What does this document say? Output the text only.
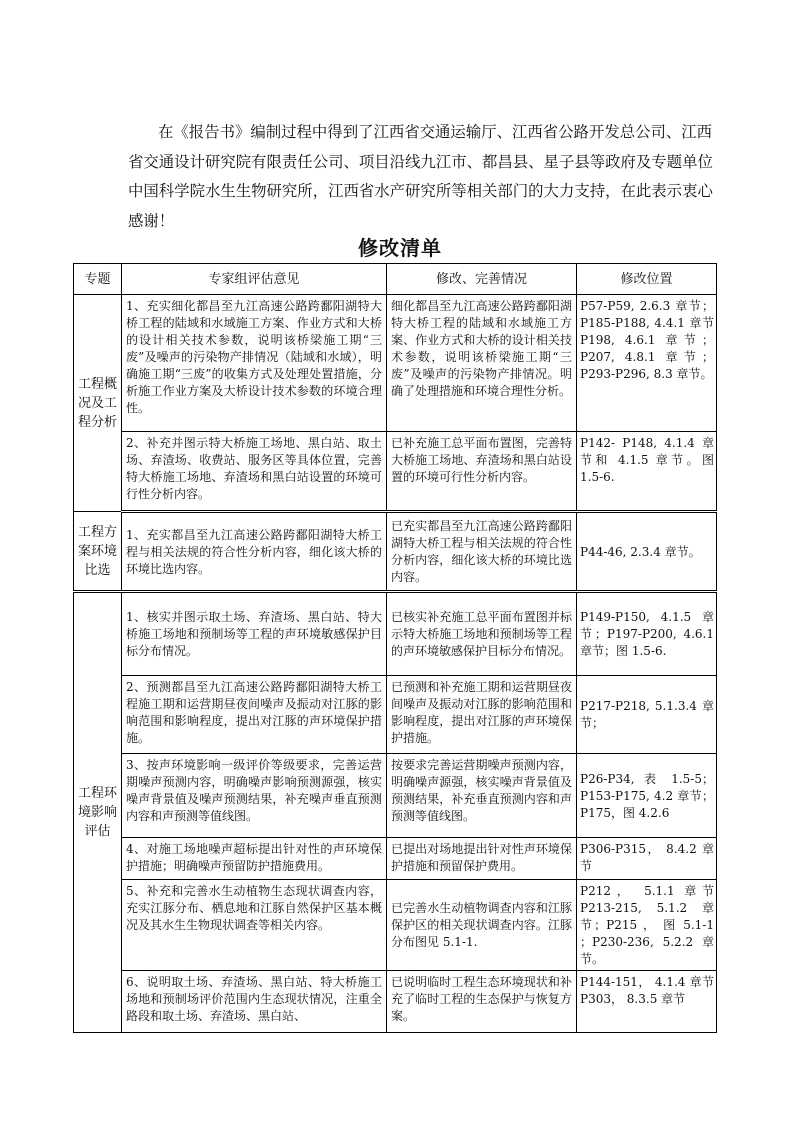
在《报告书》编制过程中得到了江西省交通运输厅、江西省公路开发总公司、江西省交通设计研究院有限责任公司、项目沿线九江市、都昌县、星子县等政府及专题单位中国科学院水生生物研究所，江西省水产研究所等相关部门的大力支持，在此表示衷心感谢！

修改清单
专题	专家组评估意见	修改、完善情况	修改位置
工程概况及工程分析	1、充实细化都昌至九江高速公路跨鄱阳湖特大桥工程的陆域和水域施工方案、作业方式和大桥的设计相关技术参数，说明该桥梁施工期“三废”及噪声的污染物产排情况（陆域和水域），明确施工期“三废”的收集方式及处理处置措施，分析施工作业方案及大桥设计技术参数的环境合理性。	细化都昌至九江高速公路跨鄱阳湖特大桥工程的陆域和水域施工方案、作业方式和大桥的设计相关技术参数，说明该桥梁施工期“三废”及噪声的污染物产排情况。明确了处理措施和环境合理性分析。	P57-P59, 2.6.3 章节；P185-P188, 4.4.1 章节 P198, 4.6.1 章节；P207, 4.8.1 章节；P293-P296, 8.3 章节。
	2、补充并图示特大桥施工场地、黑白站、取土场、弃渣场、收费站、服务区等具体位置，完善特大桥施工场地、弃渣场和黑白站设置的环境可行性分析内容。	已补充施工总平面布置图，完善特大桥施工场地、弃渣场和黑白站设置的环境可行性分析内容。	P142- P148, 4.1.4 章节和 4.1.5 章节。图 1.5-6.
工程方案环境比选	1、充实都昌至九江高速公路跨鄱阳湖特大桥工程与相关法规的符合性分析内容，细化该大桥的环境比选内容。	已充实都昌至九江高速公路跨鄱阳湖特大桥工程与相关法规的符合性分析内容，细化该大桥的环境比选内容。	P44-46, 2.3.4 章节。
工程环境影响评估	1、核实并图示取土场、弃渣场、黑白站、特大桥施工场地和预制场等工程的声环境敏感保护目标分布情况。	已核实补充施工总平面布置图并标示特大桥施工场地和预制场等工程的声环境敏感保护目标分布情况。	P149-P150, 4.1.5 章节；P197-P200, 4.6.1 章节；图 1.5-6.
	2、预测都昌至九江高速公路跨鄱阳湖特大桥工程施工期和运营期昼夜间噪声及振动对江豚的影响范围和影响程度，提出对江豚的声环境保护措施。	已预测和补充施工期和运营期昼夜间噪声及振动对江豚的影响范围和影响程度，提出对江豚的声环境保护措施。	P217-P218, 5.1.3.4 章节；
	3、按声环境影响一级评价等级要求，完善运营期噪声预测内容，明确噪声影响预测源强，核实噪声背景值及噪声预测结果，补充噪声垂直预测内容和声预测等值线图。	按要求完善运营期噪声预测内容，明确噪声源强，核实噪声背景值及预测结果，补充垂直预测内容和声预测等值线图。	P26-P34, 表 1.5-5；P153-P175, 4.2 章节；P175，图 4.2.6
	4、对施工场地噪声超标提出针对性的声环境保护措施；明确噪声预留防护措施费用。	已提出对场地提出针对性声环境保护措施和预留保护费用。	P306-P315， 8.4.2 章节
	5、补充和完善水生动植物生态现状调查内容，充实江豚分布、栖息地和江豚自然保护区基本概况及其水生生物现状调查等相关内容。	已完善水生动植物调查内容和江豚保护区的相关现状调查内容。江豚分布图见 5.1-1.	P212， 5.1.1 章节 P213-215, 5.1.2 章节；P215 ， 图 5.1-1 ；P230-236, 5.2.2 章节。
	6、说明取土场、弃渣场、黑白站、特大桥施工场地和预制场评价范围内生态现状情况，注重全路段和取土场、弃渣场、黑白站、	已说明临时工程生态环境现状和补充了临时工程的生态保护与恢复方案。	P144-151， 4.1.4 章节 P303， 8.3.5 章节
